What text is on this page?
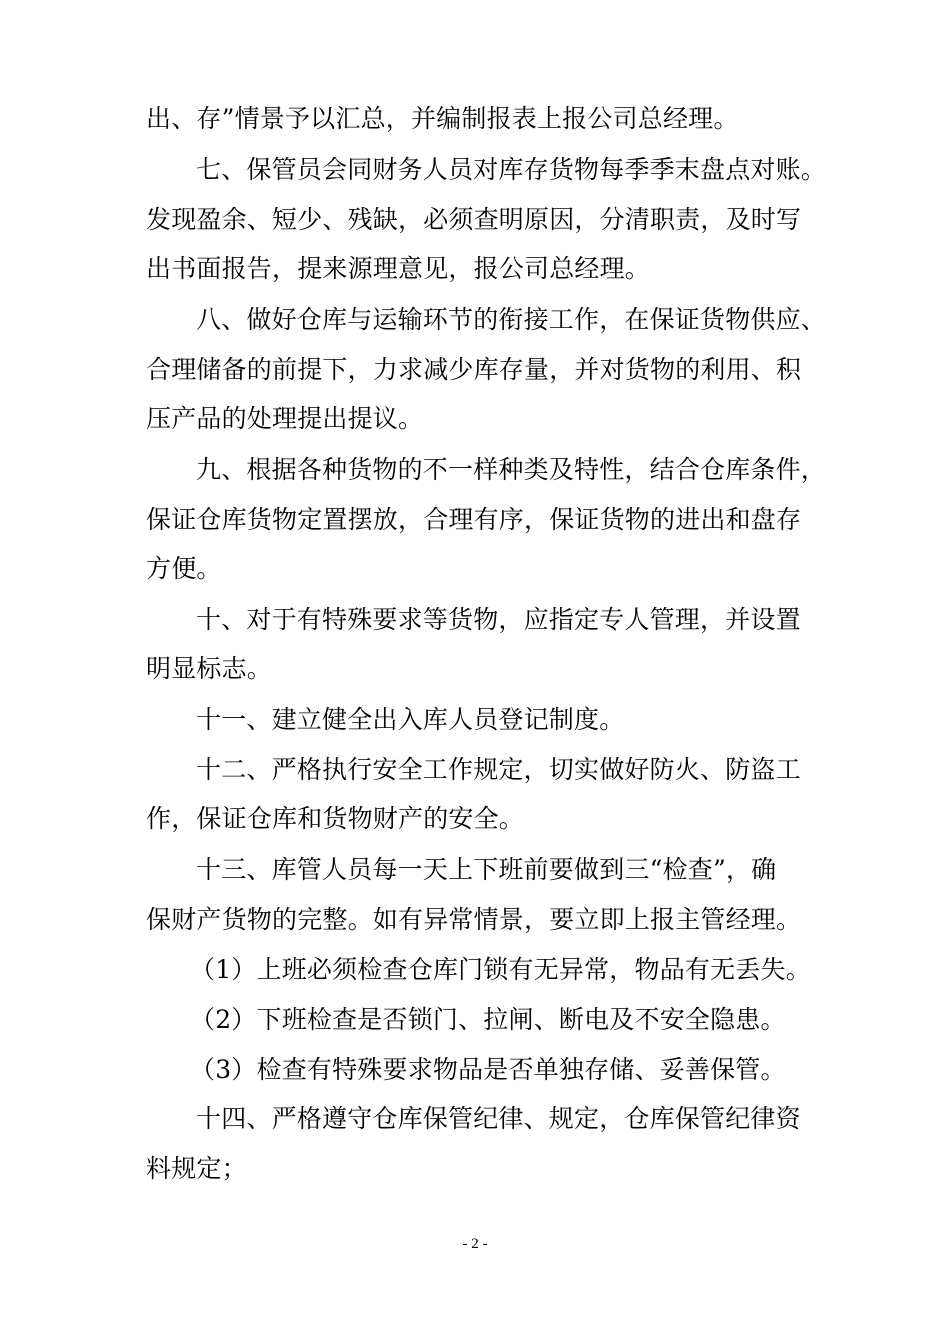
出、存”情景予以汇总，并编制报表上报公司总经理。
七、保管员会同财务人员对库存货物每季季末盘点对账。
发现盈余、短少、残缺，必须查明原因，分清职责，及时写
出书面报告，提来源理意见，报公司总经理。
八、做好仓库与运输环节的衔接工作，在保证货物供应、
合理储备的前提下，力求减少库存量，并对货物的利用、积
压产品的处理提出提议。
九、根据各种货物的不一样种类及特性，结合仓库条件，
保证仓库货物定置摆放，合理有序，保证货物的进出和盘存
方便。
十、对于有特殊要求等货物，应指定专人管理，并设置
明显标志。
十一、建立健全出入库人员登记制度。
十二、严格执行安全工作规定，切实做好防火、防盗工
作，保证仓库和货物财产的安全。
十三、库管人员每一天上下班前要做到三“检查”，确
保财产货物的完整。如有异常情景，要立即上报主管经理。
（1）上班必须检查仓库门锁有无异常，物品有无丢失。
（2）下班检查是否锁门、拉闸、断电及不安全隐患。
（3）检查有特殊要求物品是否单独存储、妥善保管。
十四、严格遵守仓库保管纪律、规定，仓库保管纪律资
料规定；
- 2 -
